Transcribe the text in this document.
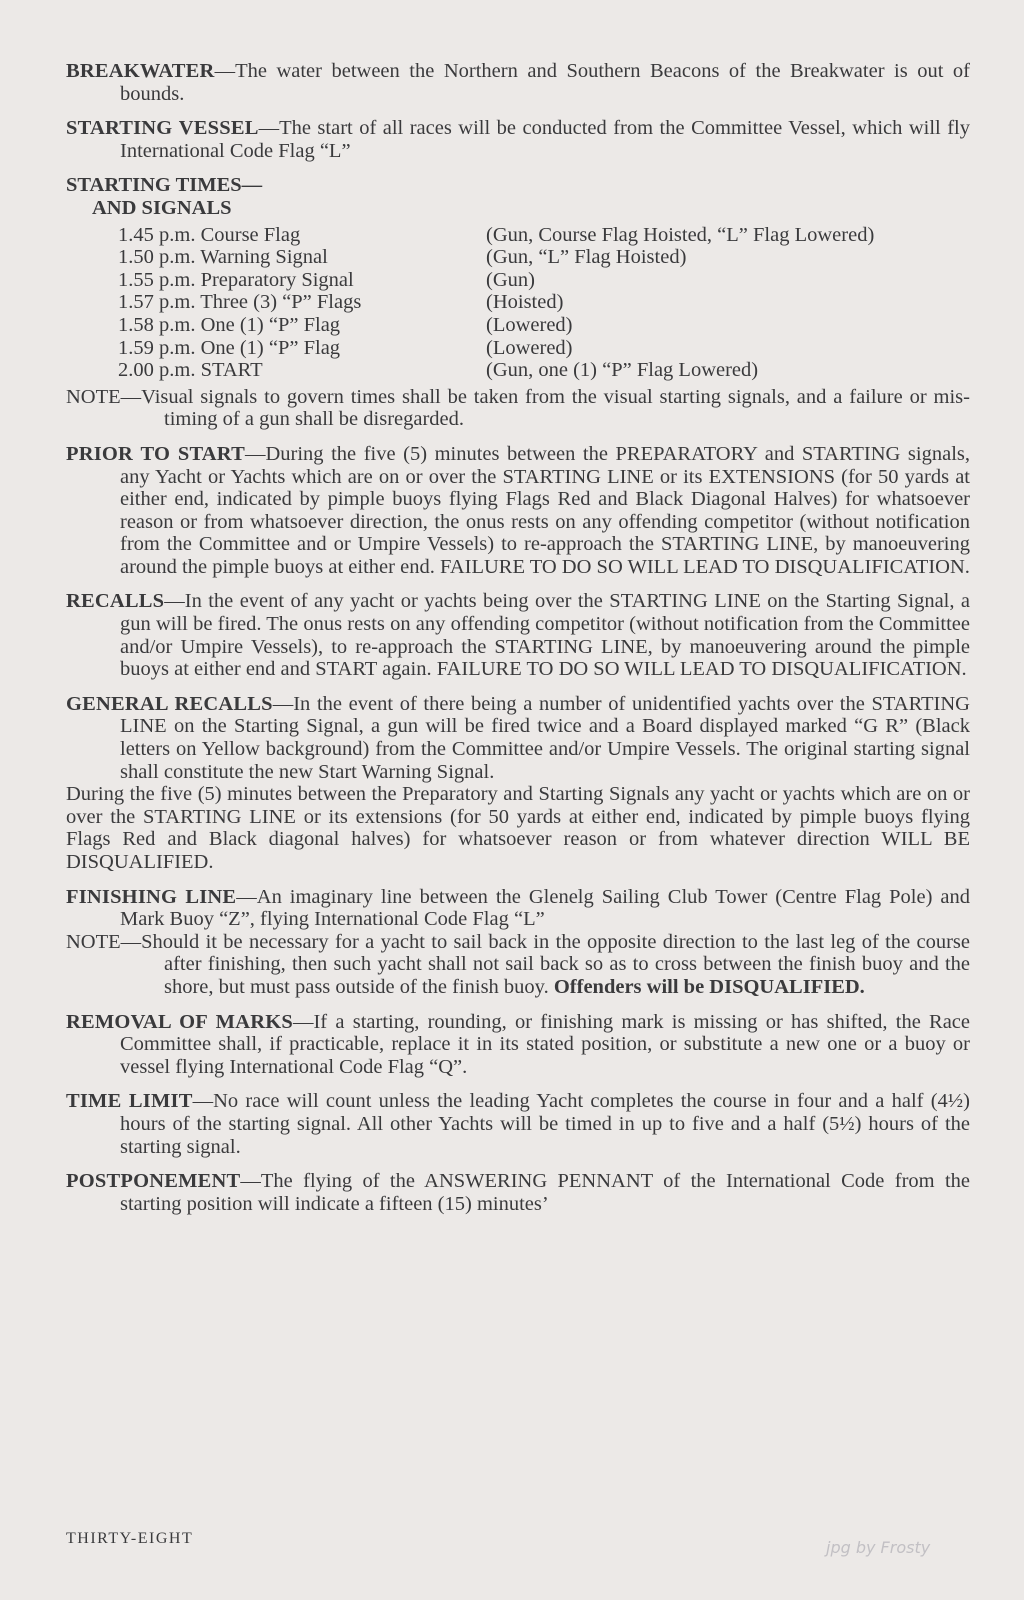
BREAKWATER—The water between the Northern and Southern Beacons of the Breakwater is out of bounds.
STARTING VESSEL—The start of all races will be conducted from the Committee Vessel, which will fly International Code Flag “L”
STARTING TIMES—
AND SIGNALS
1.45 p.m. Course Flag	(Gun, Course Flag Hoisted, “L” Flag Lowered)
1.50 p.m. Warning Signal	(Gun, “L” Flag Hoisted)
1.55 p.m. Preparatory Signal	(Gun)
1.57 p.m. Three (3) “P” Flags	(Hoisted)
1.58 p.m. One (1) “P” Flag	(Lowered)
1.59 p.m. One (1) “P” Flag	(Lowered)
2.00 p.m. START	(Gun, one (1) “P” Flag Lowered)

NOTE—Visual signals to govern times shall be taken from the visual starting signals, and a failure or mis-timing of a gun shall be disregarded.

PRIOR TO START—During the five (5) minutes between the PREPARATORY and STARTING signals, any Yacht or Yachts which are on or over the STARTING LINE or its EXTENSIONS (for 50 yards at either end, indicated by pimple buoys flying Flags Red and Black Diagonal Halves) for whatsoever reason or from whatsoever direction, the onus rests on any offending competitor (without notification from the Committee and or Umpire Vessels) to re-approach the STARTING LINE, by manoeuvering around the pimple buoys at either end. FAILURE TO DO SO WILL LEAD TO DISQUALIFICATION.
RECALLS—In the event of any yacht or yachts being over the STARTING LINE on the Starting Signal, a gun will be fired. The onus rests on any offending competitor (without notification from the Committee and/or Umpire Vessels), to re-approach the STARTING LINE, by manoeuvering around the pimple buoys at either end and START again. FAILURE TO DO SO WILL LEAD TO DISQUALIFICATION.

GENERAL RECALLS—In the event of there being a number of unidentified yachts over the STARTING LINE on the Starting Signal, a gun will be fired twice and a Board displayed marked “G R” (Black letters on Yellow background) from the Committee and/or Umpire Vessels. The original starting signal shall constitute the new Start Warning Signal.

During the five (5) minutes between the Preparatory and Starting Signals any yacht or yachts which are on or over the STARTING LINE or its extensions (for 50 yards at either end, indicated by pimple buoys flying Flags Red and Black diagonal halves) for whatsoever reason or from whatever direction WILL BE DISQUALIFIED.

FINISHING LINE—An imaginary line between the Glenelg Sailing Club Tower (Centre Flag Pole) and Mark Buoy “Z”, flying International Code Flag “L”

NOTE—Should it be necessary for a yacht to sail back in the opposite direction to the last leg of the course after finishing, then such yacht shall not sail back so as to cross between the finish buoy and the shore, but must pass outside of the finish buoy. Offenders will be DISQUALIFIED.

REMOVAL OF MARKS—If a starting, rounding, or finishing mark is missing or has shifted, the Race Committee shall, if practicable, replace it in its stated position, or substitute a new one or a buoy or vessel flying International Code Flag “Q”.
TIME LIMIT—No race will count unless the leading Yacht completes the course in four and a half (4½) hours of the starting signal. All other Yachts will be timed in up to five and a half (5½) hours of the starting signal.
POSTPONEMENT—The flying of the ANSWERING PENNANT of the International Code from the starting position will indicate a fifteen (15) minutes’
THIRTY-EIGHT	jpg by Frosty
